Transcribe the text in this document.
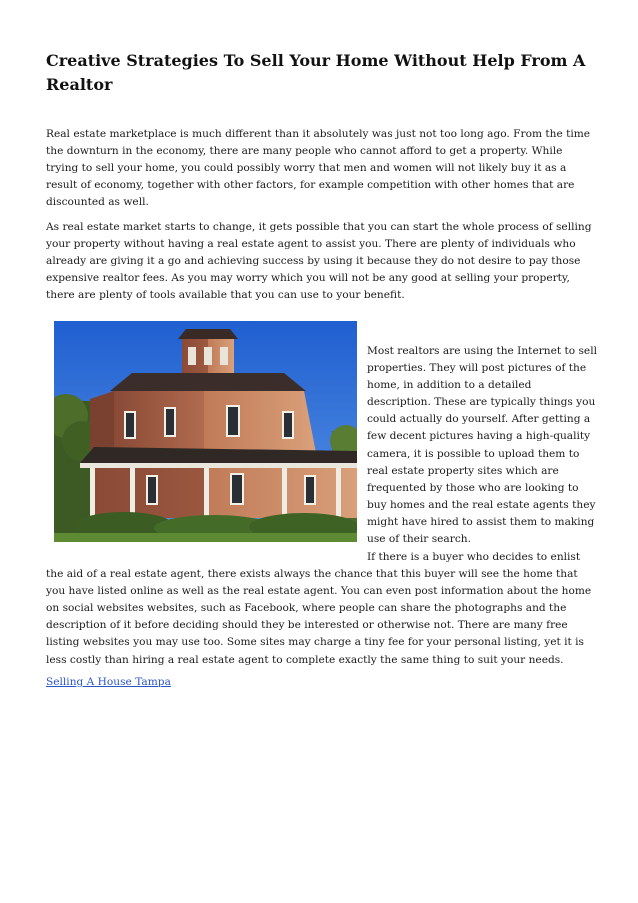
Creative Strategies To Sell Your Home Without Help From A Realtor

Real estate marketplace is much different than it absolutely was just not too long ago. From the time the downturn in the economy, there are many people who cannot afford to get a property. While trying to sell your home, you could possibly worry that men and women will not likely buy it as a result of economy, together with other factors, for example competition with other homes that are discounted as well.

As real estate market starts to change, it gets possible that you can start the whole process of selling your property without having a real estate agent to assist you. There are plenty of individuals who already are giving it a go and achieving success by using it because they do not desire to pay those expensive realtor fees. As you may worry which you will not be any good at selling your property, there are plenty of tools available that you can use to your benefit.

Most realtors are using the Internet to sell properties. They will post pictures of the home, in addition to a detailed description. These are typically things you could actually do yourself. After getting a few decent pictures having a high-quality camera, it is possible to upload them to real estate property sites which are frequented by those who are looking to buy homes and the real estate agents they might have hired to assist them to making use of their search.

If there is a buyer who decides to enlist the aid of a real estate agent, there exists always the chance that this buyer will see the home that you have listed online as well as the real estate agent. You can even post information about the home on social websites websites, such as Facebook, where people can share the photographs and the description of it before deciding should they be interested or otherwise not. There are many free listing websites you may use too. Some sites may charge a tiny fee for your personal listing, yet it is less costly than hiring a real estate agent to complete exactly the same thing to suit your needs.

Selling A House Tampa
